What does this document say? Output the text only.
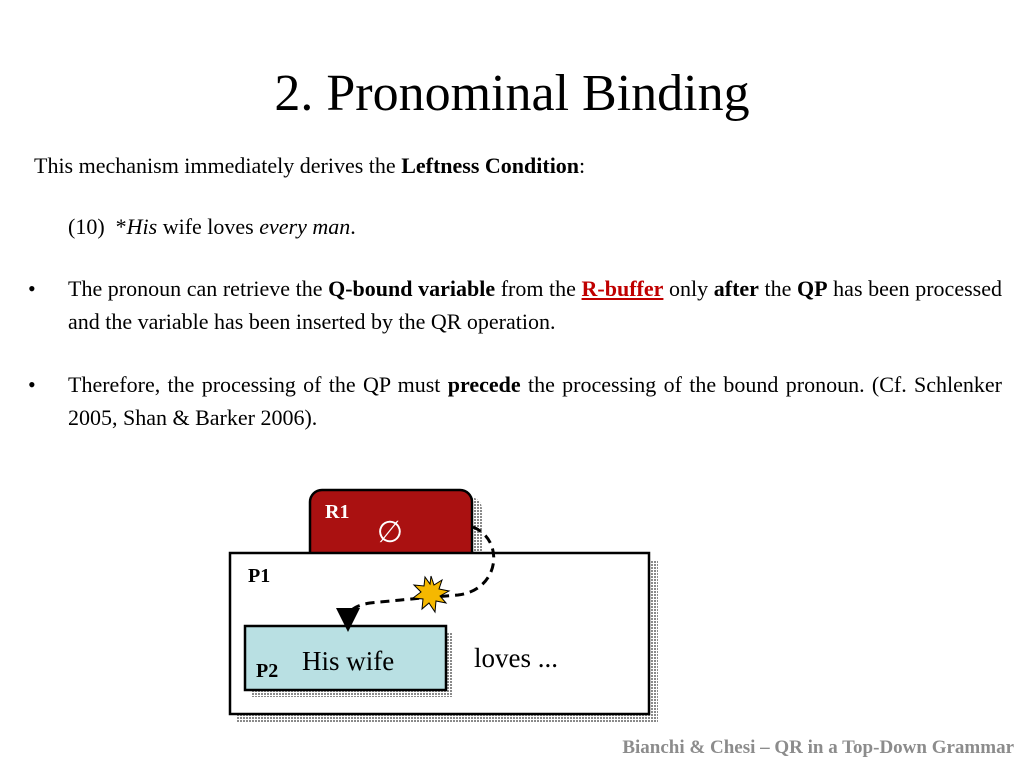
2. Pronominal Binding
This mechanism immediately derives the Leftness Condition:
(10) *His wife loves every man.
• The pronoun can retrieve the Q-bound variable from the R-buffer only after the QP has been processed and the variable has been inserted by the QR operation.
• Therefore, the processing of the QP must precede the processing of the bound pronoun. (Cf. Schlenker 2005, Shan & Barker 2006).
R1
∅
P1
P2 His wife	loves ...
Bianchi & Chesi – QR in a Top-Down Grammar
